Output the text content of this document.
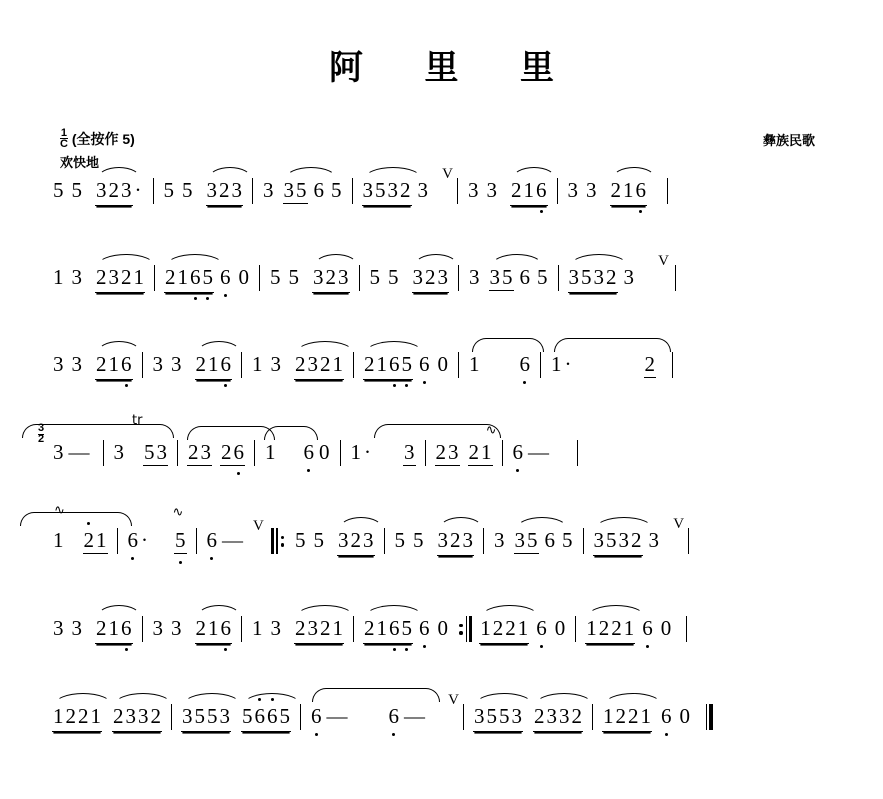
阿 里 里
$\frac{1}{C}$ (全按作 5)
欢快地
彝族民歌
5 5 323 · 5 5 323 3 35 6 5 3532 3
V
3 3 216 3 3 216
1 3 2321 2165 6 0 5 5 323 5 5 323 3 35 6 5 3532 3
V
3 3 216 3 3 216 1 3 2321 2165 6 0 1 6 1 ·	2
3
2
3 —
tr
3 53 23 26 1 6 0 1 · 3 23 21
∿
6 —
1 21
∿
6 · 5
∿
6 —
V
5 5 323 5 5 323 3 35 6 5 3532 3
V
3 3 216 3 3 216 1 3 2321 2165 6 0 1221 6 0 1221 6 0
1221 2332 3553 5665 6 — 6 —
V
3553 2332 1221 6 0
